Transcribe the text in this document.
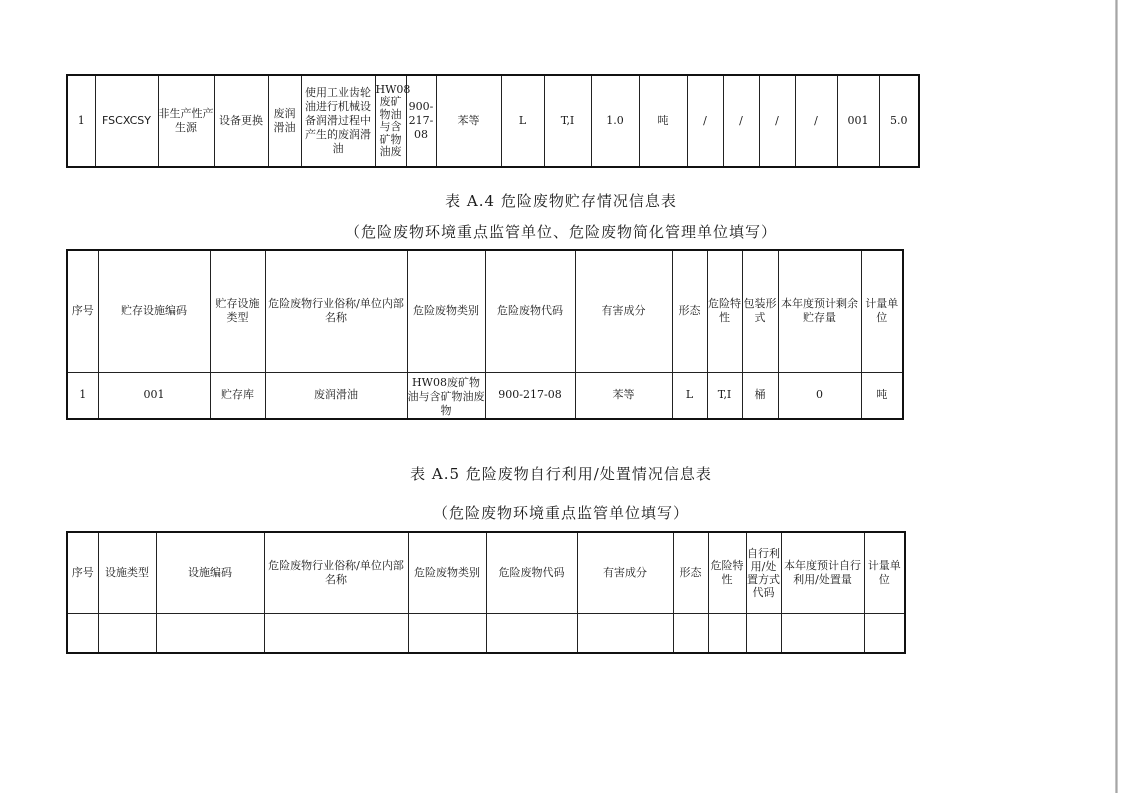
1	FSCXCSY	非生产性产生源	设备更换	废润滑油	使用工业齿轮油进行机械设备润滑过程中产生的废润滑油	HW08废矿物油与含矿物油废	900-217-08	苯等	L	T,I	1.0	吨	/	/	/	/	001	5.0
表 A.4 危险废物贮存情况信息表
（危险废物环境重点监管单位、危险废物简化管理单位填写）
序号	贮存设施编码	贮存设施类型	危险废物行业俗称/单位内部名称	危险废物类别	危险废物代码	有害成分	形态	危险特性	包装形式	本年度预计剩余贮存量	计量单位
1	001	贮存库	废润滑油	HW08废矿物油与含矿物油废物	900-217-08	苯等	L	T,I	桶	0	吨
表 A.5 危险废物自行利用/处置情况信息表
（危险废物环境重点监管单位填写）
序号	设施类型	设施编码	危险废物行业俗称/单位内部名称	危险废物类别	危险废物代码	有害成分	形态	危险特性	自行利用/处置方式代码	本年度预计自行利用/处置量	计量单位
